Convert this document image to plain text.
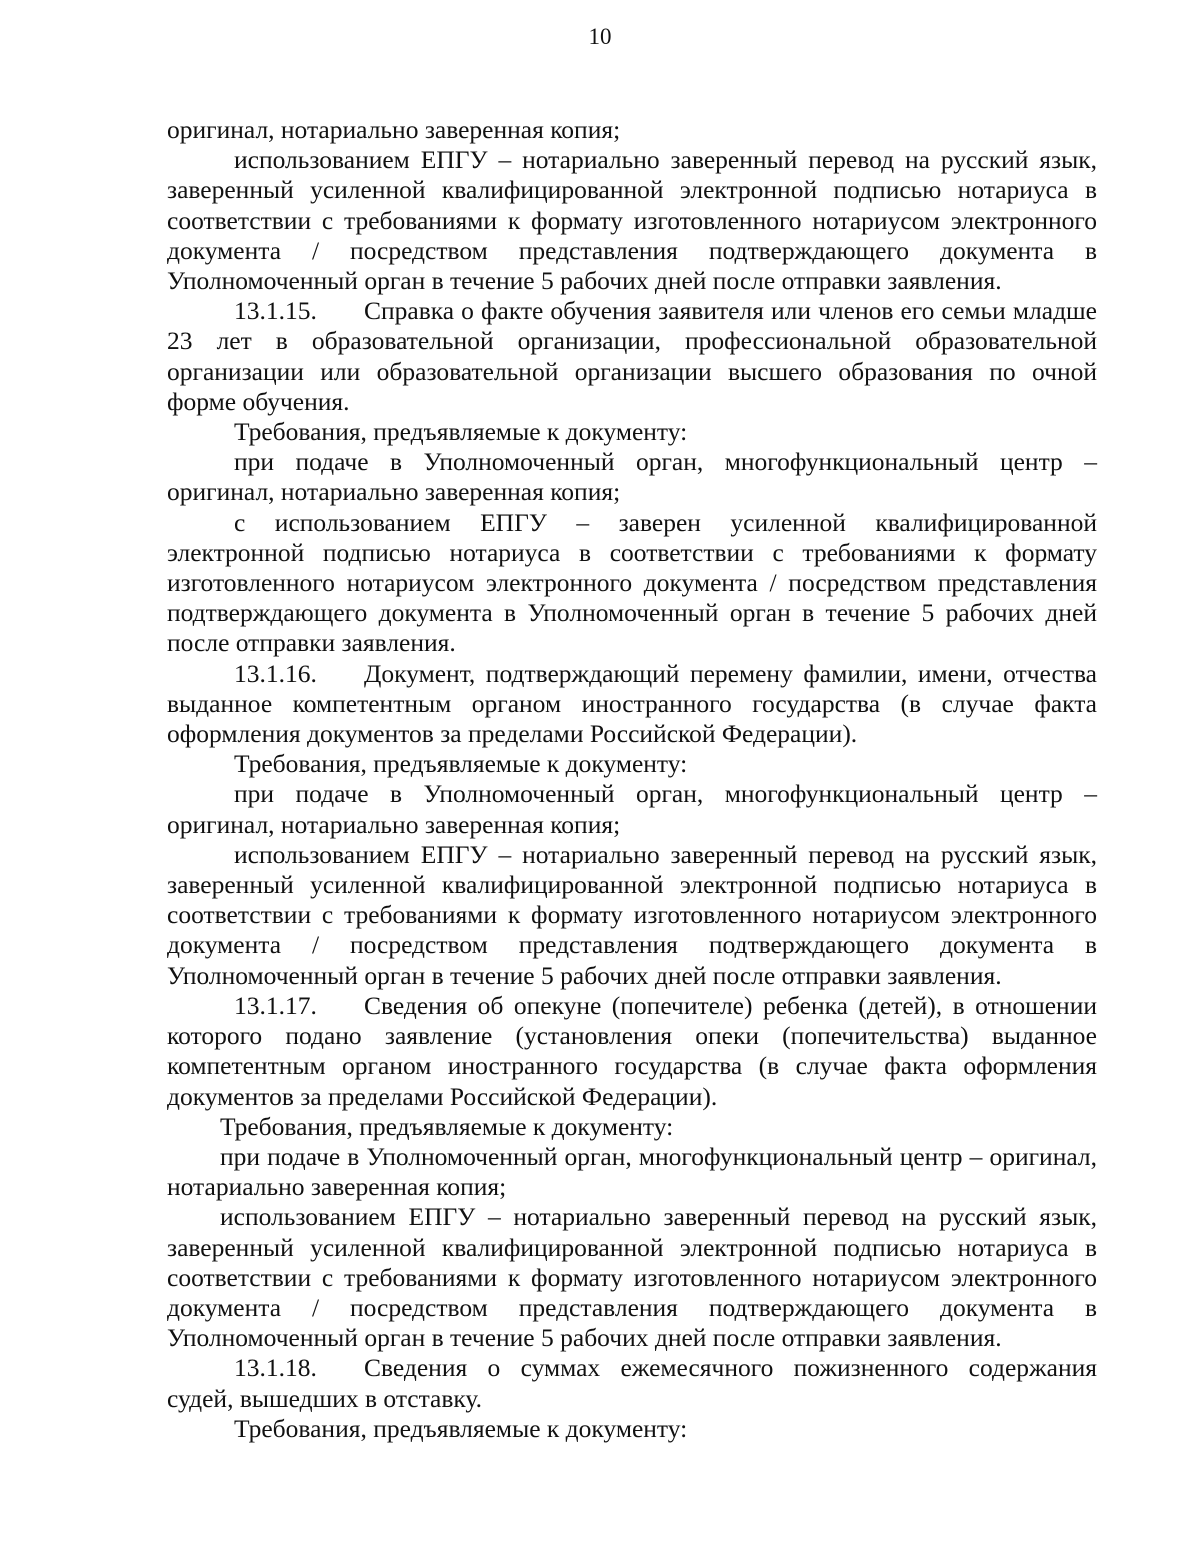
10

оригинал, нотариально заверенная копия;

использованием ЕПГУ – нотариально заверенный перевод на русский язык, заверенный усиленной квалифицированной электронной подписью нотариуса в соответствии с требованиями к формату изготовленного нотариусом электронного документа / посредством представления подтверждающего документа в Уполномоченный орган в течение 5 рабочих дней после отправки заявления.

13.1.15. Справка о факте обучения заявителя или членов его семьи младше 23 лет в образовательной организации, профессиональной образовательной организации или образовательной организации высшего образования по очной форме обучения.

Требования, предъявляемые к документу:

при подаче в Уполномоченный орган, многофункциональный центр – оригинал, нотариально заверенная копия;

с использованием ЕПГУ – заверен усиленной квалифицированной электронной подписью нотариуса в соответствии с требованиями к формату изготовленного нотариусом электронного документа / посредством представления подтверждающего документа в Уполномоченный орган в течение 5 рабочих дней после отправки заявления.

13.1.16. Документ, подтверждающий перемену фамилии, имени, отчества выданное компетентным органом иностранного государства (в случае факта оформления документов за пределами Российской Федерации).

Требования, предъявляемые к документу:

при подаче в Уполномоченный орган, многофункциональный центр – оригинал, нотариально заверенная копия;

использованием ЕПГУ – нотариально заверенный перевод на русский язык, заверенный усиленной квалифицированной электронной подписью нотариуса в соответствии с требованиями к формату изготовленного нотариусом электронного документа / посредством представления подтверждающего документа в Уполномоченный орган в течение 5 рабочих дней после отправки заявления.

13.1.17. Сведения об опекуне (попечителе) ребенка (детей), в отношении которого подано заявление (установления опеки (попечительства) выданное компетентным органом иностранного государства (в случае факта оформления документов за пределами Российской Федерации).

Требования, предъявляемые к документу:

при подаче в Уполномоченный орган, многофункциональный центр – оригинал, нотариально заверенная копия;

использованием ЕПГУ – нотариально заверенный перевод на русский язык, заверенный усиленной квалифицированной электронной подписью нотариуса в соответствии с требованиями к формату изготовленного нотариусом электронного документа / посредством представления подтверждающего документа в Уполномоченный орган в течение 5 рабочих дней после отправки заявления.

13.1.18. Сведения о суммах ежемесячного пожизненного содержания судей, вышедших в отставку.

Требования, предъявляемые к документу:
